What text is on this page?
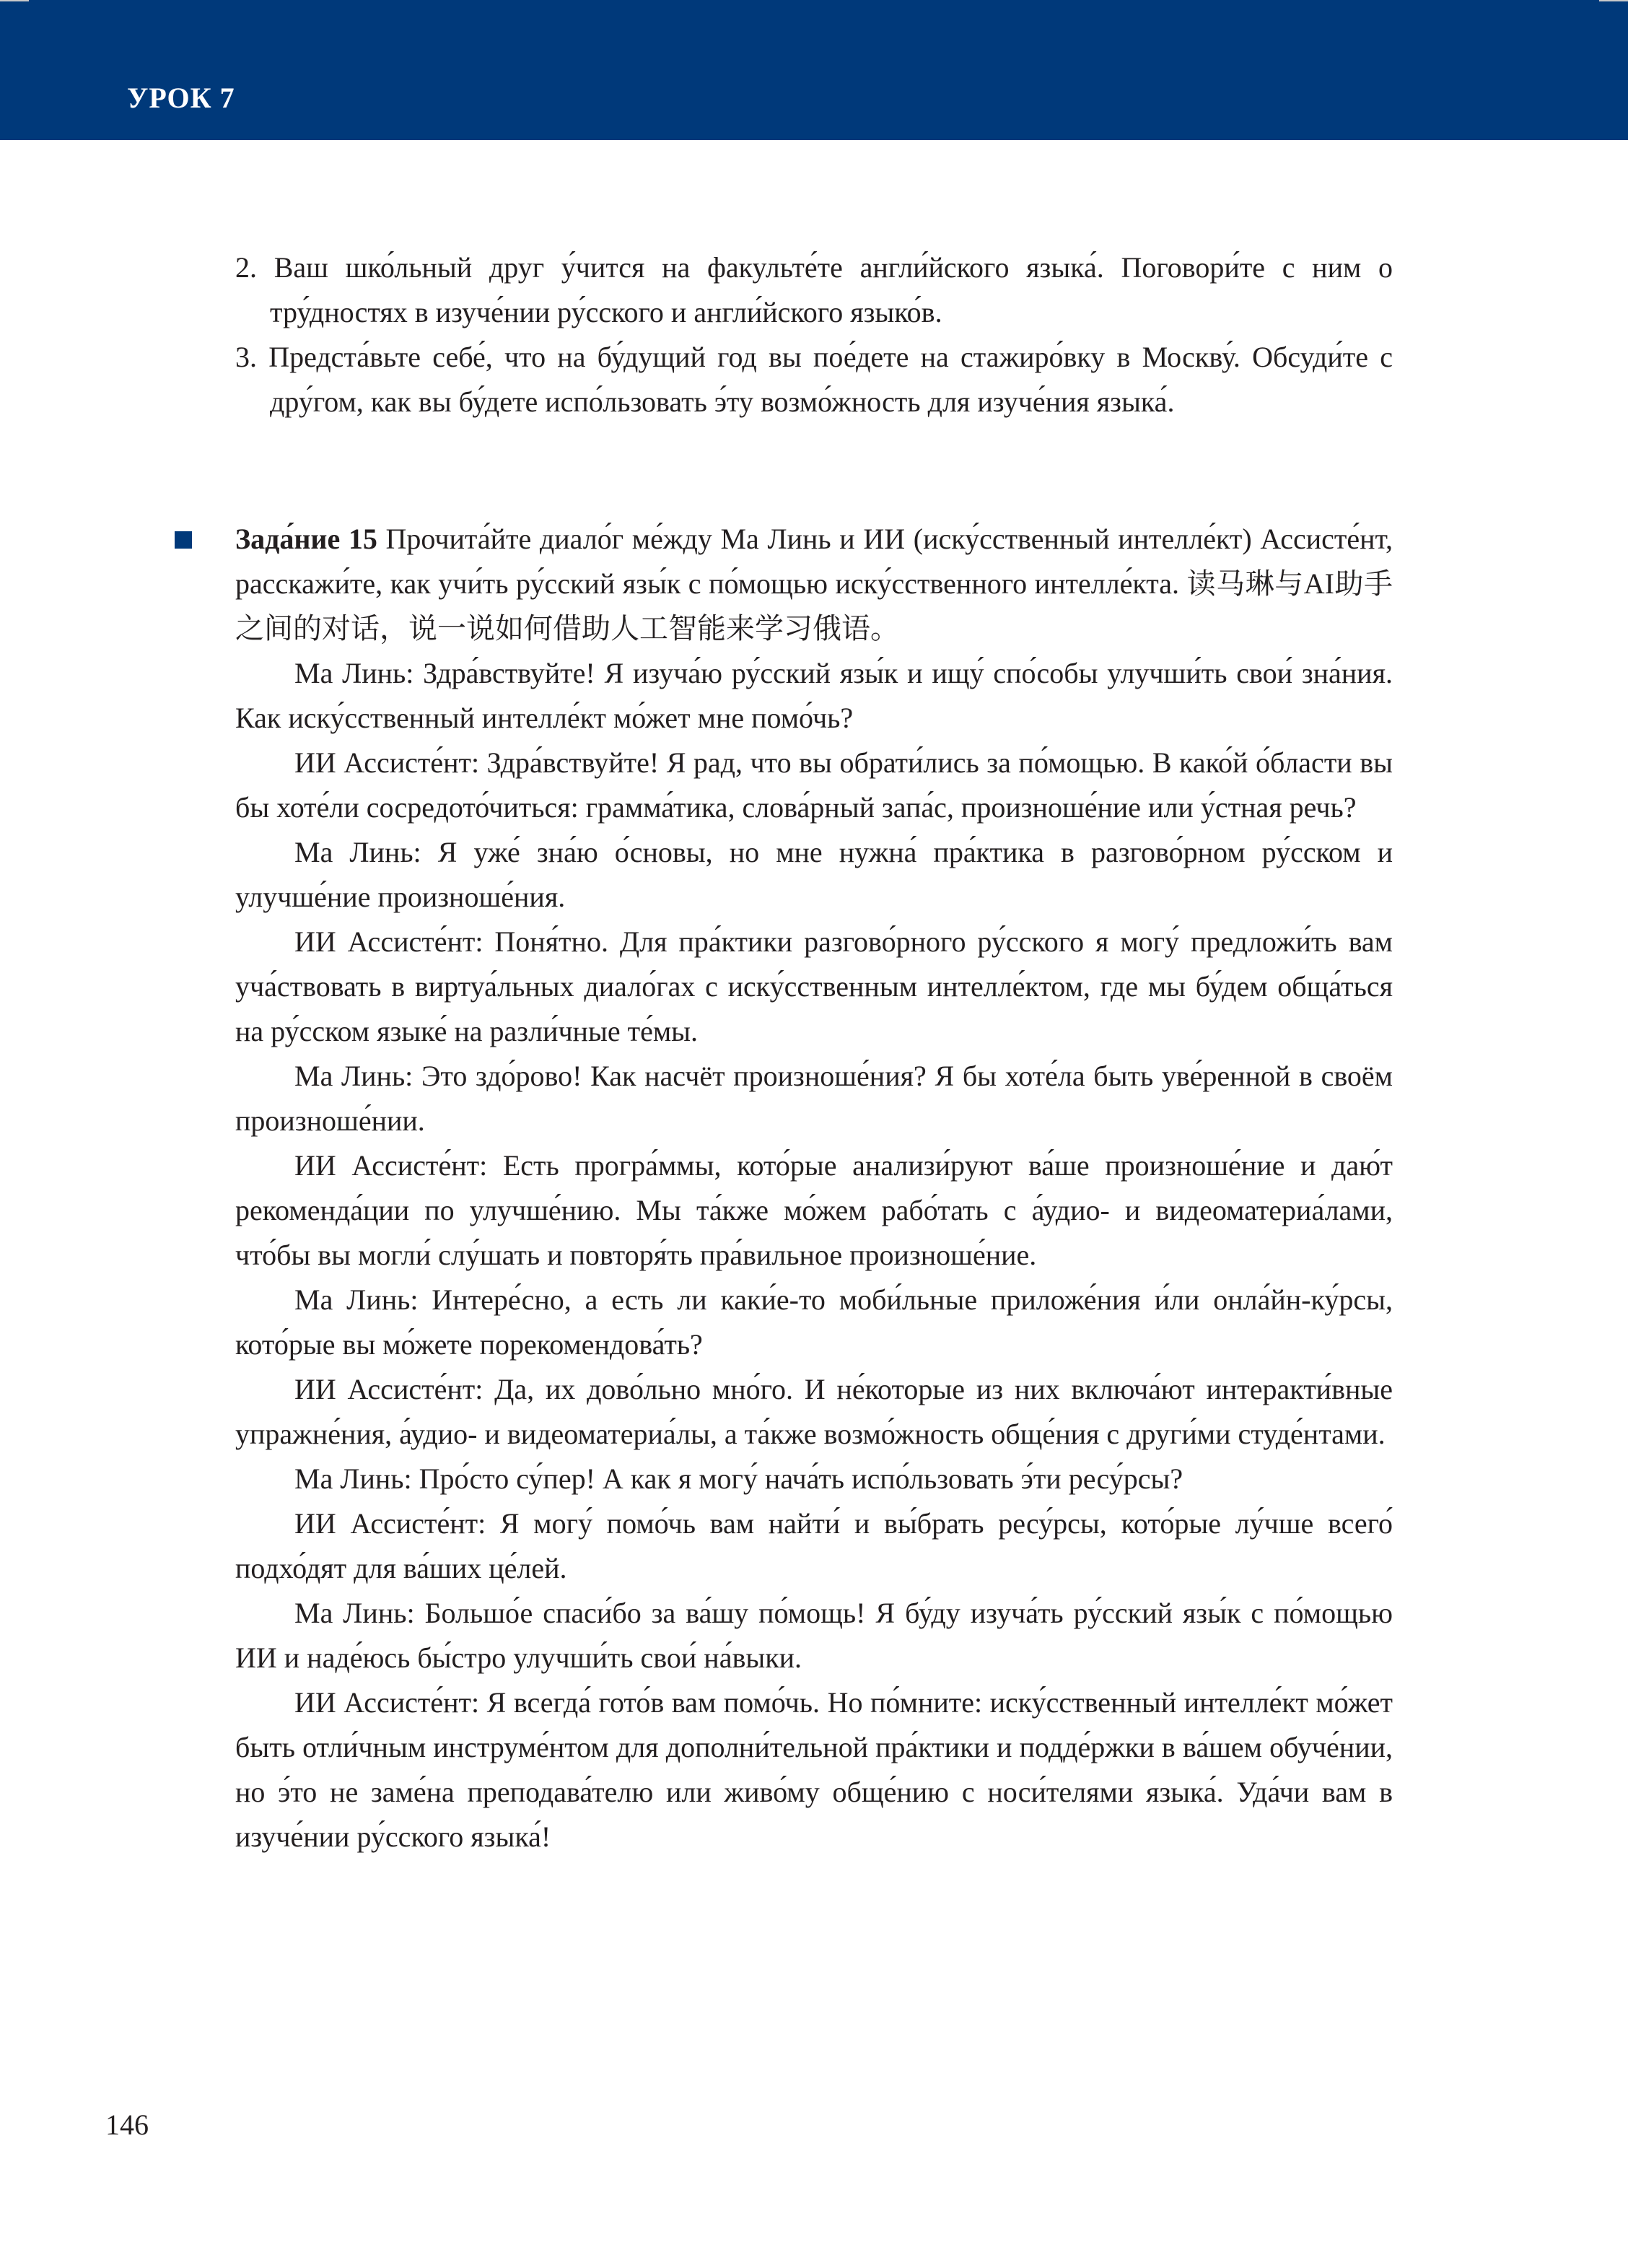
УРОК 7
2. Ваш шко́льный друг у́чится на факульте́те англи́йского языка́. Поговори́те с ним о тру́дностях в изуче́нии ру́сского и англи́йского языко́в.
3. Предста́вьте себе́, что на бу́дущий год вы пое́дете на стажиро́вку в Москву́. Обсуди́те с дру́гом, как вы бу́дете испо́льзовать э́ту возмо́жность для изуче́ния языка́.
Зада́ние 15 Прочита́йте диало́г ме́жду Ма Линь и ИИ (иску́сственный интелле́кт) Ассисте́нт, расскажи́те, как учи́ть ру́сский язы́к с по́мощью иску́сственного интелле́кта. 读马琳与AI助手之间的对话，说一说如何借助人工智能来学习俄语。
Ма Линь: Здра́вствуйте! Я изуча́ю ру́сский язы́к и ищу́ спо́собы улучши́ть свои́ зна́ния. Как иску́сственный интелле́кт мо́жет мне помо́чь?
ИИ Ассисте́нт: Здра́вствуйте! Я рад, что вы обрати́лись за по́мощью. В како́й о́бласти вы бы хоте́ли сосредото́читься: грамма́тика, слова́рный запа́с, произноше́ние или у́стная речь?
Ма Линь: Я уже́ зна́ю о́сновы, но мне нужна́ пра́ктика в разгово́рном ру́сском и улучше́ние произноше́ния.
ИИ Ассисте́нт: Поня́тно. Для пра́ктики разгово́рного ру́сского я могу́ предложи́ть вам уча́ствовать в виртуа́льных диало́гах с иску́сственным интелле́ктом, где мы бу́дем обща́ться на ру́сском языке́ на разли́чные те́мы.
Ма Линь: Это здо́рово! Как насчёт произноше́ния? Я бы хоте́ла быть уве́ренной в своём произноше́нии.
ИИ Ассисте́нт: Есть програ́ммы, кото́рые анализи́руют ва́ше произноше́ние и даю́т рекоменда́ции по улучше́нию. Мы та́кже мо́жем рабо́тать с а́удио- и видеоматериа́лами, что́бы вы могли́ слу́шать и повторя́ть пра́вильное произноше́ние.
Ма Линь: Интере́сно, а есть ли каки́е-то моби́льные приложе́ния и́ли онла́йн-ку́рсы, кото́рые вы мо́жете порекомендова́ть?
ИИ Ассисте́нт: Да, их дово́льно мно́го. И не́которые из них включа́ют интеракти́вные упражне́ния, а́удио- и видеоматериа́лы, а та́кже возмо́жность обще́ния с други́ми студе́нтами.
Ма Линь: Про́сто су́пер! А как я могу́ нача́ть испо́льзовать э́ти ресу́рсы?
ИИ Ассисте́нт: Я могу́ помо́чь вам найти́ и вы́брать ресу́рсы, кото́рые лу́чше всего́ подхо́дят для ва́ших це́лей.
Ма Линь: Большо́е спаси́бо за ва́шу по́мощь! Я бу́ду изуча́ть ру́сский язы́к с по́мощью ИИ и наде́юсь бы́стро улучши́ть свои́ на́выки.
ИИ Ассисте́нт: Я всегда́ гото́в вам помо́чь. Но по́мните: иску́сственный интелле́кт мо́жет быть отли́чным инструме́нтом для дополни́тельной пра́ктики и подде́ржки в ва́шем обуче́нии, но э́то не заме́на преподава́телю или живо́му обще́нию с носи́телями языка́. Уда́чи вам в изуче́нии ру́сского языка́!
146
